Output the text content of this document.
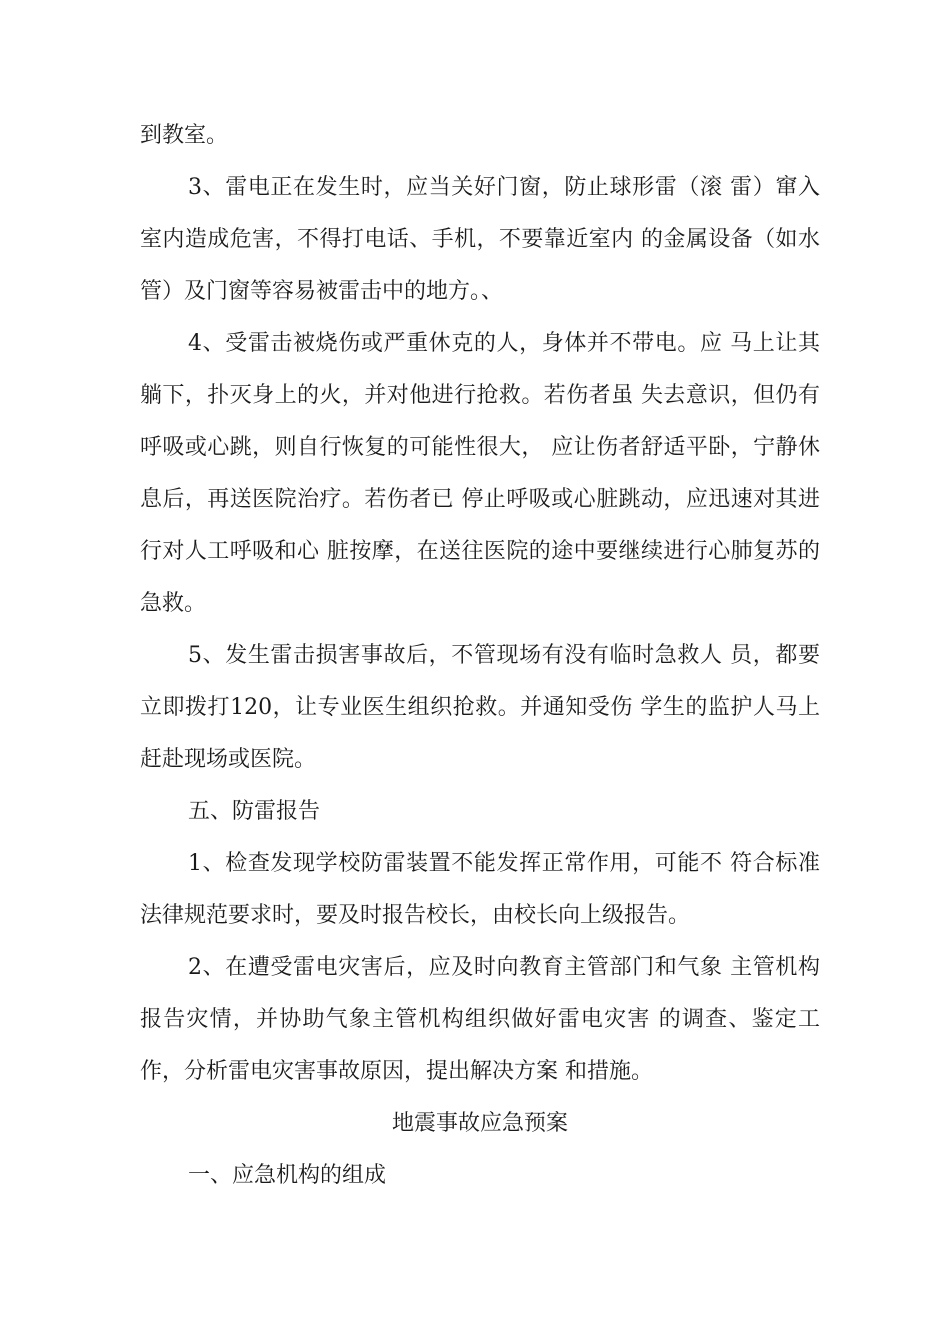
到教室。

3、雷电正在发生时，应当关好门窗，防止球形雷（滚 雷）窜入室内造成危害，不得打电话、手机，不要靠近室内 的金属设备（如水管）及门窗等容易被雷击中的地方。、

4、受雷击被烧伤或严重休克的人，身体并不带电。应 马上让其躺下，扑灭身上的火，并对他进行抢救。若伤者虽 失去意识，但仍有呼吸或心跳，则自行恢复的可能性很大， 应让伤者舒适平卧，宁静休息后，再送医院治疗。若伤者已 停止呼吸或心脏跳动，应迅速对其进行对人工呼吸和心 脏按摩，在送往医院的途中要继续进行心肺复苏的急救。

5、发生雷击损害事故后，不管现场有没有临时急救人 员，都要立即拨打120，让专业医生组织抢救。并通知受伤 学生的监护人马上赶赴现场或医院。

五、防雷报告

1、检查发现学校防雷装置不能发挥正常作用，可能不 符合标准法律规范要求时，要及时报告校长，由校长向上级报告。

2、在遭受雷电灾害后，应及时向教育主管部门和气象 主管机构报告灾情，并协助气象主管机构组织做好雷电灾害 的调查、鉴定工作，分析雷电灾害事故原因，提出解决方案 和措施。

地震事故应急预案

一、应急机构的组成
